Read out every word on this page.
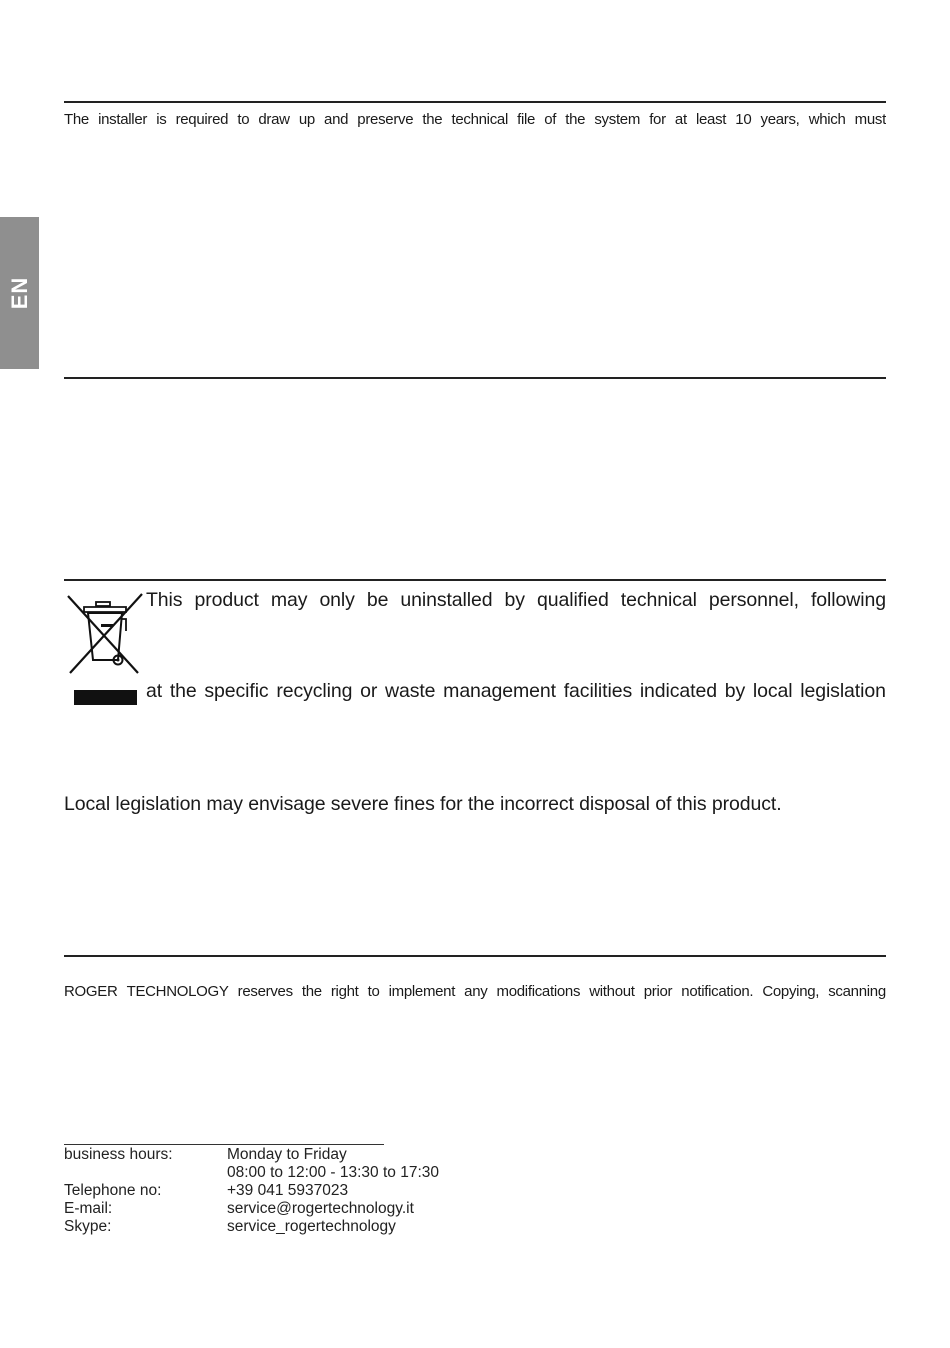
EN
The installer is required to draw up and preserve the technical file of the system for at least 10 years, which must
This product may only be uninstalled by qualified technical personnel, following
at the specific recycling or waste management facilities indicated by local legislation
Local legislation may envisage severe fines for the incorrect disposal of this product.
ROGER TECHNOLOGY reserves the right to implement any modifications without prior notification. Copying, scanning
business hours:	Monday to Friday
08:00 to 12:00 - 13:30 to 17:30
Telephone no:	+39 041 5937023
E-mail:	service@rogertechnology.it
Skype:	service_rogertechnology
